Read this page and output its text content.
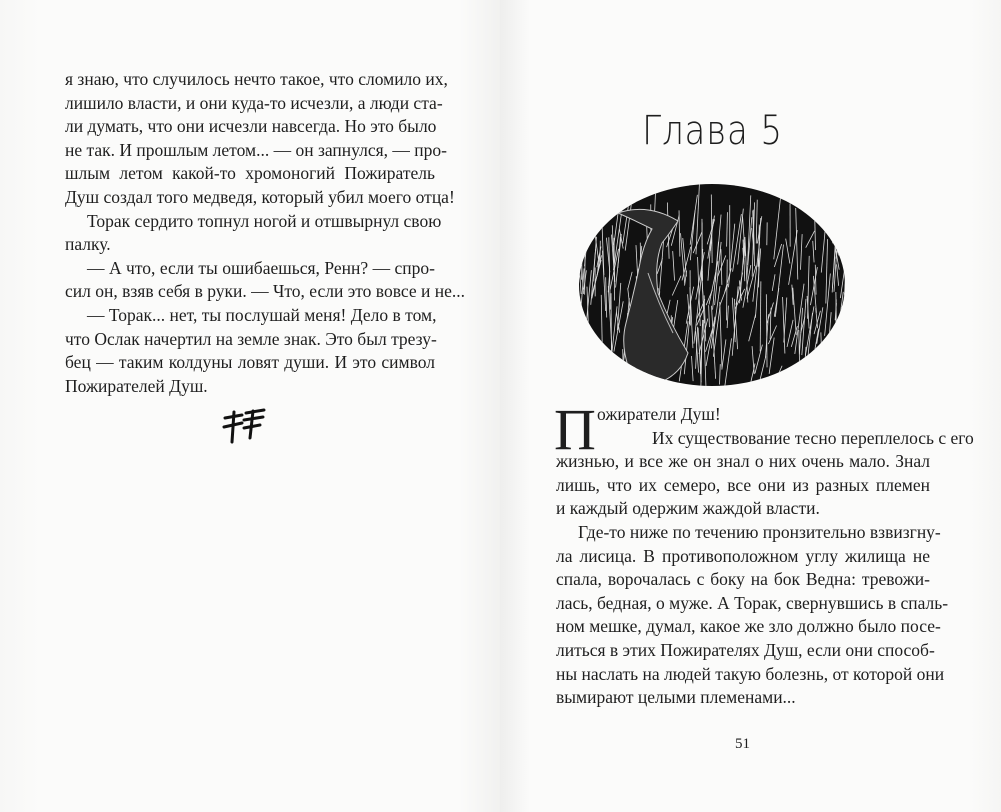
я знаю, что случилось нечто такое, что сломило их,
лишило власти, и они куда-то исчезли, а люди ста-
ли думать, что они исчезли навсегда. Но это было
не так. И прошлым летом... — он запнулся, — про-
шлым летом какой-то хромоногий Пожиратель
Душ создал того медведя, который убил моего отца!
Торак сердито топнул ногой и отшвырнул свою
палку.
— А что, если ты ошибаешься, Ренн? — спро-
сил он, взяв себя в руки. — Что, если это вовсе и не...
— Торак... нет, ты послушай меня! Дело в том,
что Ослак начертил на земле знак. Это был трезу-
бец — таким колдуны ловят души. И это символ
Пожирателей Душ.
Глава 5
П ожиратели Душ!
Их существование тесно переплелось с его
жизнью, и все же он знал о них очень мало. Знал
лишь, что их семеро, все они из разных племен
и каждый одержим жаждой власти.
Где-то ниже по течению пронзительно взвизгну-
ла лисица. В противоположном углу жилища не
спала, ворочалась с боку на бок Ведна: тревожи-
лась, бедная, о муже. А Торак, свернувшись в спаль-
ном мешке, думал, какое же зло должно было посе-
литься в этих Пожирателях Душ, если они способ-
ны наслать на людей такую болезнь, от которой они
вымирают целыми племенами...
51
